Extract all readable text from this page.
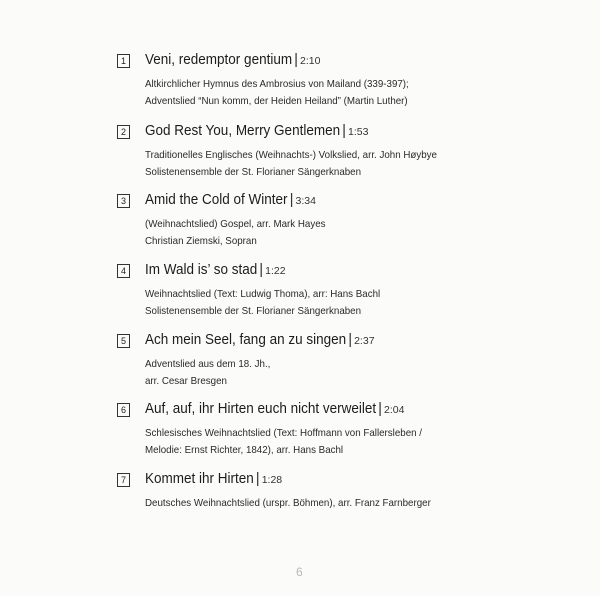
1 Veni, redemptor gentium | 2:10
Altkirchlicher Hymnus des Ambrosius von Mailand (339-397);
Adventslied “Nun komm, der Heiden Heiland” (Martin Luther)
2 God Rest You, Merry Gentlemen | 1:53
Traditionelles Englisches (Weihnachts-) Volkslied, arr. John Høybye
Solistenensemble der St. Florianer Sängerknaben
3 Amid the Cold of Winter | 3:34
(Weihnachtslied) Gospel, arr. Mark Hayes
Christian Ziemski, Sopran
4 Im Wald is’ so stad | 1:22
Weihnachtslied (Text: Ludwig Thoma), arr: Hans Bachl
Solistenensemble der St. Florianer Sängerknaben
5 Ach mein Seel, fang an zu singen | 2:37
Adventslied aus dem 18. Jh.,
arr. Cesar Bresgen
6 Auf, auf, ihr Hirten euch nicht verweilet | 2:04
Schlesisches Weihnachtslied (Text: Hoffmann von Fallersleben /
Melodie: Ernst Richter, 1842), arr. Hans Bachl
7 Kommet ihr Hirten | 1:28
Deutsches Weihnachtslied (urspr. Böhmen), arr. Franz Farnberger
6
